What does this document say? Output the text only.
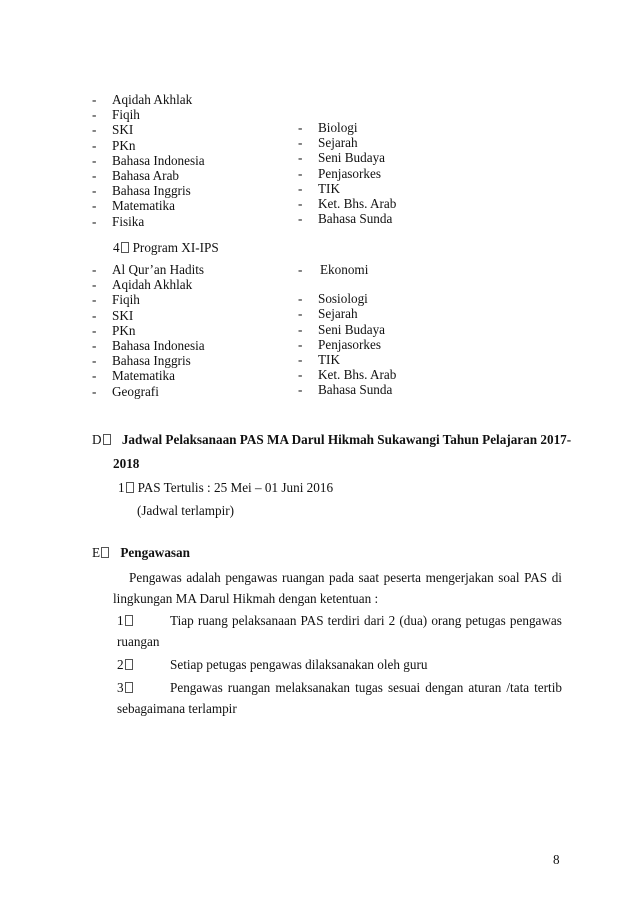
-	Aqidah Akhlak
-	Fiqih
-	SKI
-	PKn
-	Bahasa Indonesia
-	Bahasa Arab
-	Bahasa Inggris
-	Matematika
-	Fisika
-	Biologi
-	Sejarah
-	Seni Budaya
-	Penjasorkes
-	TIK
-	Ket. Bhs. Arab
-	Bahasa Sunda
4 Program XI-IPS
-	Al Qur’an Hadits
-	Aqidah Akhlak
-	Fiqih
-	SKI
-	PKn
-	Bahasa Indonesia
-	Bahasa Inggris
-	Matematika
-	Geografi
-	Ekonomi
-	Sosiologi
-	Sejarah
-	Seni Budaya
-	Penjasorkes
-	TIK
-	Ket. Bhs. Arab
-	Bahasa Sunda
D Jadwal Pelaksanaan PAS MA Darul Hikmah Sukawangi Tahun Pelajaran 2017-
2018
1 PAS Tertulis : 25 Mei – 01 Juni 2016
(Jadwal terlampir)
E Pengawasan
Pengawas adalah pengawas ruangan pada saat peserta mengerjakan soal PAS di
lingkungan MA Darul Hikmah dengan ketentuan :
1	Tiap ruang pelaksanaan PAS terdiri dari 2 (dua) orang petugas pengawas
ruangan
2	Setiap petugas pengawas dilaksanakan oleh guru
3	Pengawas ruangan melaksanakan tugas sesuai dengan aturan /tata tertib
sebagaimana terlampir
8
